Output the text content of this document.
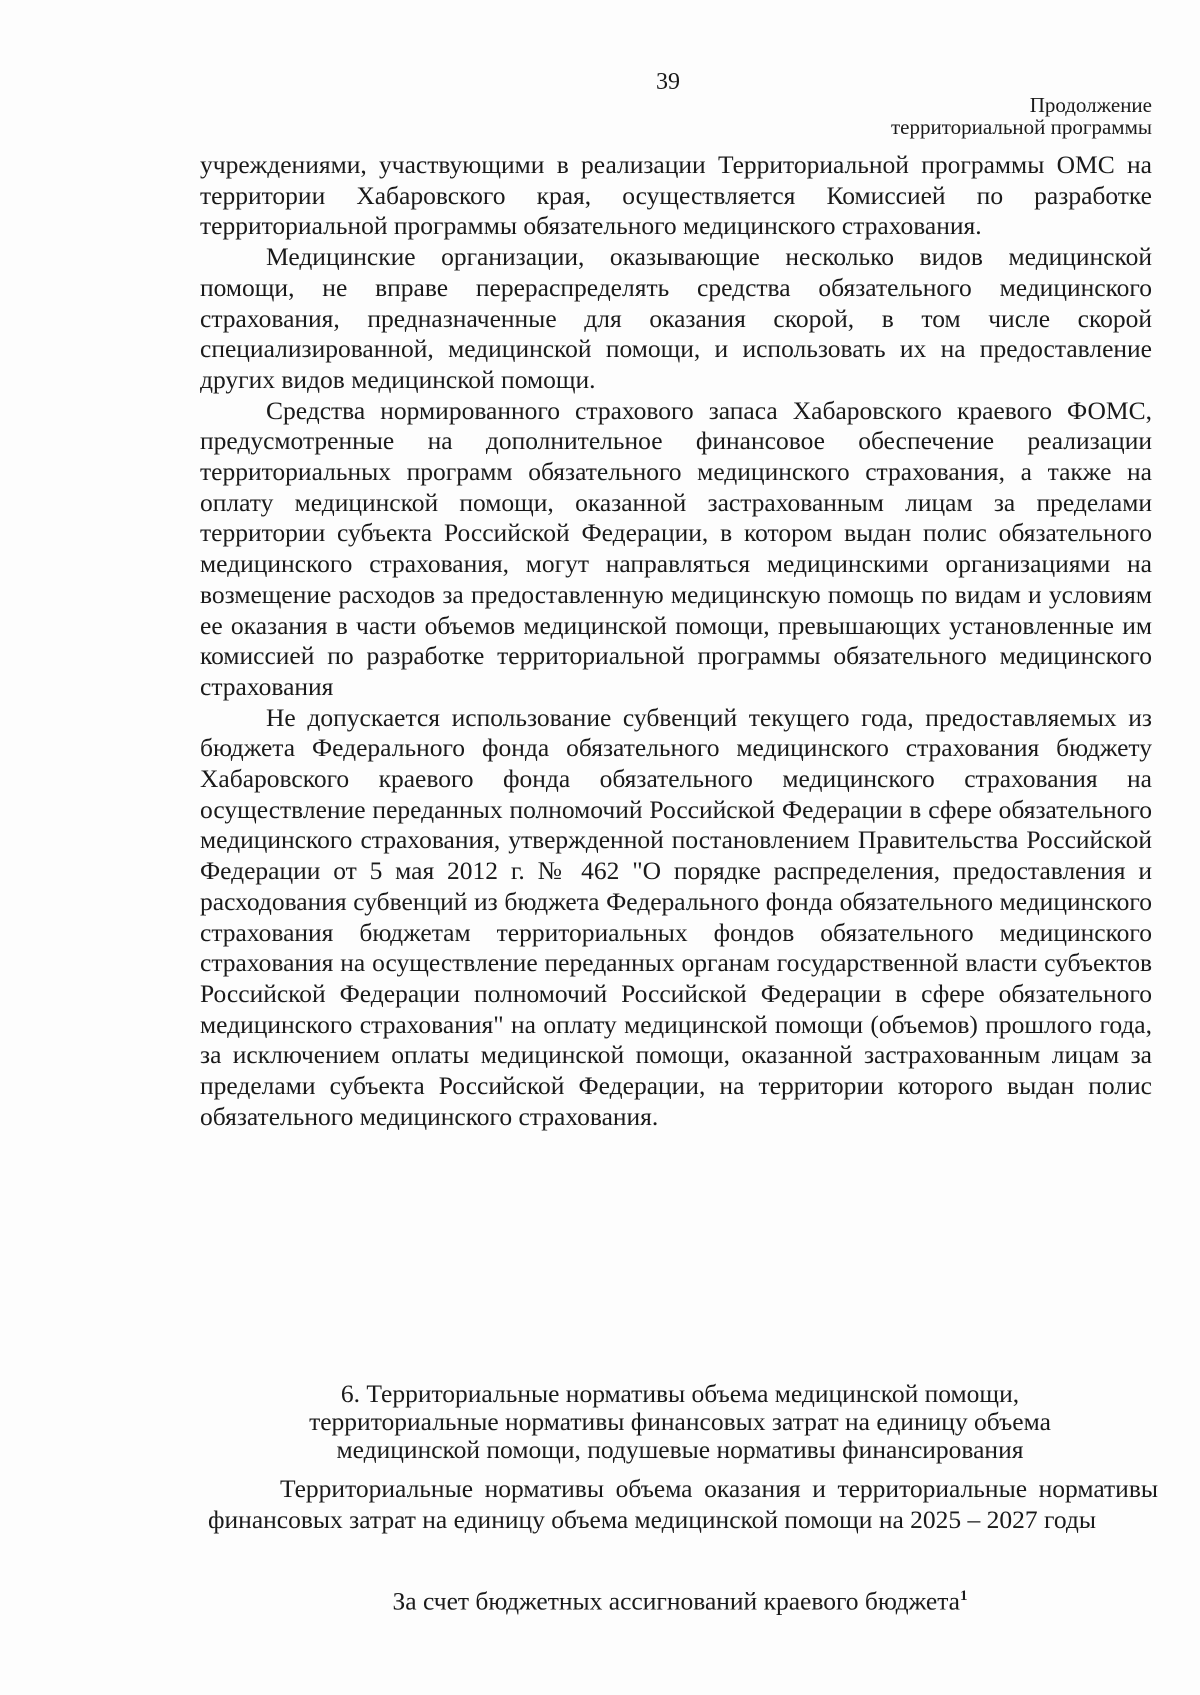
39
Продолжение
территориальной программы

учреждениями, участвующими в реализации Территориальной программы ОМС на территории Хабаровского края, осуществляется Комиссией по разработке территориальной программы обязательного медицинского страхования.

Медицинские организации, оказывающие несколько видов медицинской помощи, не вправе перераспределять средства обязательного медицинского страхования, предназначенные для оказания скорой, в том числе скорой специализированной, медицинской помощи, и использовать их на предоставление других видов медицинской помощи.

Средства нормированного страхового запаса Хабаровского краевого ФОМС, предусмотренные на дополнительное финансовое обеспечение реализации территориальных программ обязательного медицинского страхования, а также на оплату медицинской помощи, оказанной застрахованным лицам за пределами территории субъекта Российской Федерации, в котором выдан полис обязательного медицинского страхования, могут направляться медицинскими организациями на возмещение расходов за предоставленную медицинскую помощь по видам и условиям ее оказания в части объемов медицинской помощи, превышающих установленные им комиссией по разработке территориальной программы обязательного медицинского страхования

Не допускается использование субвенций текущего года, предоставляемых из бюджета Федерального фонда обязательного медицинского страхования бюджету Хабаровского краевого фонда обязательного медицинского страхования на осуществление переданных полномочий Российской Федерации в сфере обязательного медицинского страхования, утвержденной постановлением Правительства Российской Федерации от 5 мая 2012 г. № 462 "О порядке распределения, предоставления и расходования субвенций из бюджета Федерального фонда обязательного медицинского страхования бюджетам территориальных фондов обязательного медицинского страхования на осуществление переданных органам государственной власти субъектов Российской Федерации полномочий Российской Федерации в сфере обязательного медицинского страхования" на оплату медицинской помощи (объемов) прошлого года, за исключением оплаты медицинской помощи, оказанной застрахованным лицам за пределами субъекта Российской Федерации, на территории которого выдан полис обязательного медицинского страхования.

6. Территориальные нормативы объема медицинской помощи,
территориальные нормативы финансовых затрат на единицу объема
медицинской помощи, подушевые нормативы финансирования
Территориальные нормативы объема оказания и территориальные нормативы финансовых затрат на единицу объема медицинской помощи на 2025 – 2027 годы
За счет бюджетных ассигнований краевого бюджета$^1$
